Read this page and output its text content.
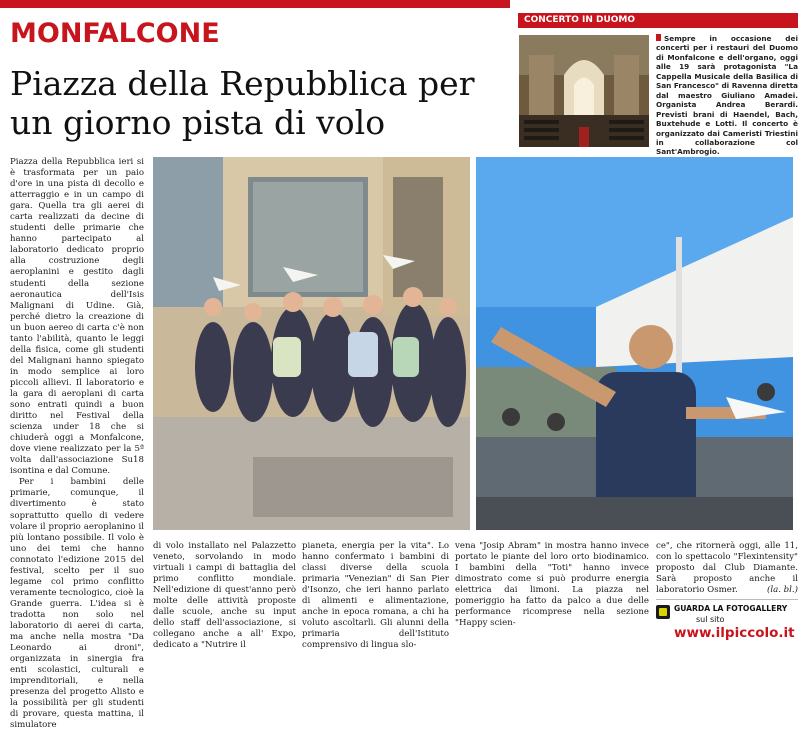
MONFALCONE
Piazza della Repubblica per un giorno pista di volo

Piazza della Repubblica ieri si è trasformata per un paio d'ore in una pista di decollo e atterraggio e in un campo di gara. Quella tra gli aerei di carta realizzati da decine di studenti delle primarie che hanno partecipato al laboratorio dedicato proprio alla costruzione degli aeroplanini e gestito dagli studenti della sezione aeronautica dell'Isis Malignani di Udine. Già, perché dietro la creazione di un buon aereo di carta c'è non tanto l'abilità, quanto le leggi della fisica, come gli studenti del Malignani hanno spiegato in modo semplice ai loro piccoli allievi. Il laboratorio e la gara di aeroplani di carta sono entrati quindi a buon diritto nel Festival della scienza under 18 che si chiuderà oggi a Monfalcone, dove viene realizzato per la 5ª volta dall'associazione Su18 isontina e dal Comune.

Per i bambini delle primarie, comunque, il divertimento è stato soprattutto quello di vedere volare il proprio aeroplanino il più lontano possibile. Il volo è uno dei temi che hanno connotato l'edizione 2015 del festival, scelto per il suo legame col primo conflitto veramente tecnologico, cioè la Grande guerra. L'idea si è tradotta non solo nel laboratorio di aerei di carta, ma anche nella mostra "Da Leonardo ai droni", organizzata in sinergia fra enti scolastici, culturali e imprenditoriali, e nella presenza del progetto Alisto e la possibilità per gli studenti di provare, questa mattina, il simulatore

di volo installato nel Palazzetto veneto, sorvolando in modo virtuali i campi di battaglia del primo conflitto mondiale. Nell'edizione di quest'anno però molte delle attività proposte dalle scuole, anche su input dello staff dell'associazione, si collegano anche a all' Expo, dedicato a "Nutrire il
pianeta, energia per la vita". Lo hanno confermato i bambini di classi diverse della scuola primaria "Venezian" di San Pier d'Isonzo, che ieri hanno parlato di alimenti e alimentazione, anche in epoca romana, a chi ha voluto ascoltarli. Gli alunni della primaria dell'Istituto comprensivo di lingua slo-
vena "Josip Abram" in mostra hanno invece portato le piante del loro orto biodinamico. I bambini della "Toti" hanno invece dimostrato come si può produrre energia elettrica dai limoni. La piazza nel pomeriggio ha fatto da palco a due delle performance ricomprese nella sezione "Happy scien-
ce", che ritornerà oggi, alle 11, con lo spettacolo "Flexintensity" proposto dal Club Diamante. Sarà proposto anche il laboratorio Osmer.	(la. bl.)
CONCERTO IN DUOMO
Sempre in occasione dei concerti per i restauri del Duomo di Monfalcone e dell'organo, oggi alle 19 sarà protagonista "La Cappella Musicale della Basilica di San Francesco" di Ravenna diretta dal maestro Giuliano Amadei. Organista Andrea Berardi. Previsti brani di Haendel, Bach, Buxtehude e Lotti. Il concerto è organizzato dai Cameristi Triestini in collaborazione col Sant'Ambrogio.
GUARDA LA FOTOGALLERY
sul sito
www.ilpiccolo.it
